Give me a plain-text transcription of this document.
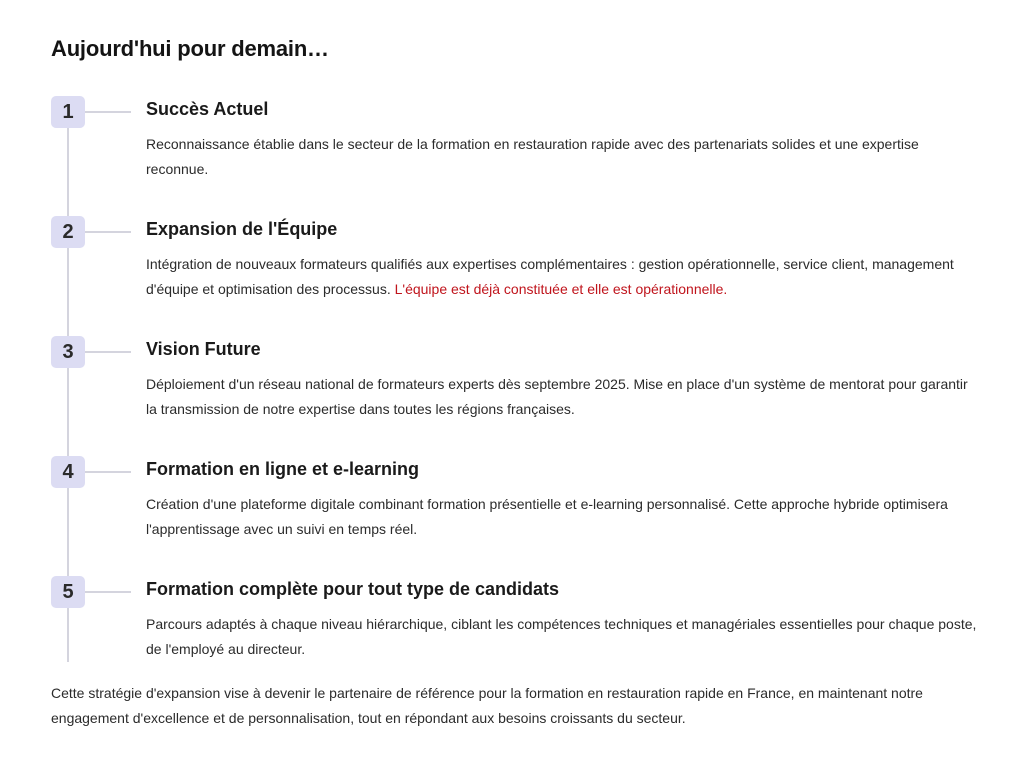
Aujourd'hui pour demain…
1	Succès Actuel

Reconnaissance établie dans le secteur de la formation en restauration rapide avec des partenariats solides et une expertise reconnue.

2	Expansion de l'Équipe

Intégration de nouveaux formateurs qualifiés aux expertises complémentaires : gestion opérationnelle, service client, management d'équipe et optimisation des processus. L'équipe est déjà constituée et elle est opérationnelle.

3	Vision Future

Déploiement d'un réseau national de formateurs experts dès septembre 2025. Mise en place d'un système de mentorat pour garantir la transmission de notre expertise dans toutes les régions françaises.

4	Formation en ligne et e-learning

Création d'une plateforme digitale combinant formation présentielle et e-learning personnalisé. Cette approche hybride optimisera l'apprentissage avec un suivi en temps réel.

5	Formation complète pour tout type de candidats

Parcours adaptés à chaque niveau hiérarchique, ciblant les compétences techniques et managériales essentielles pour chaque poste, de l'employé au directeur.

Cette stratégie d'expansion vise à devenir le partenaire de référence pour la formation en restauration rapide en France, en maintenant notre engagement d'excellence et de personnalisation, tout en répondant aux besoins croissants du secteur.
